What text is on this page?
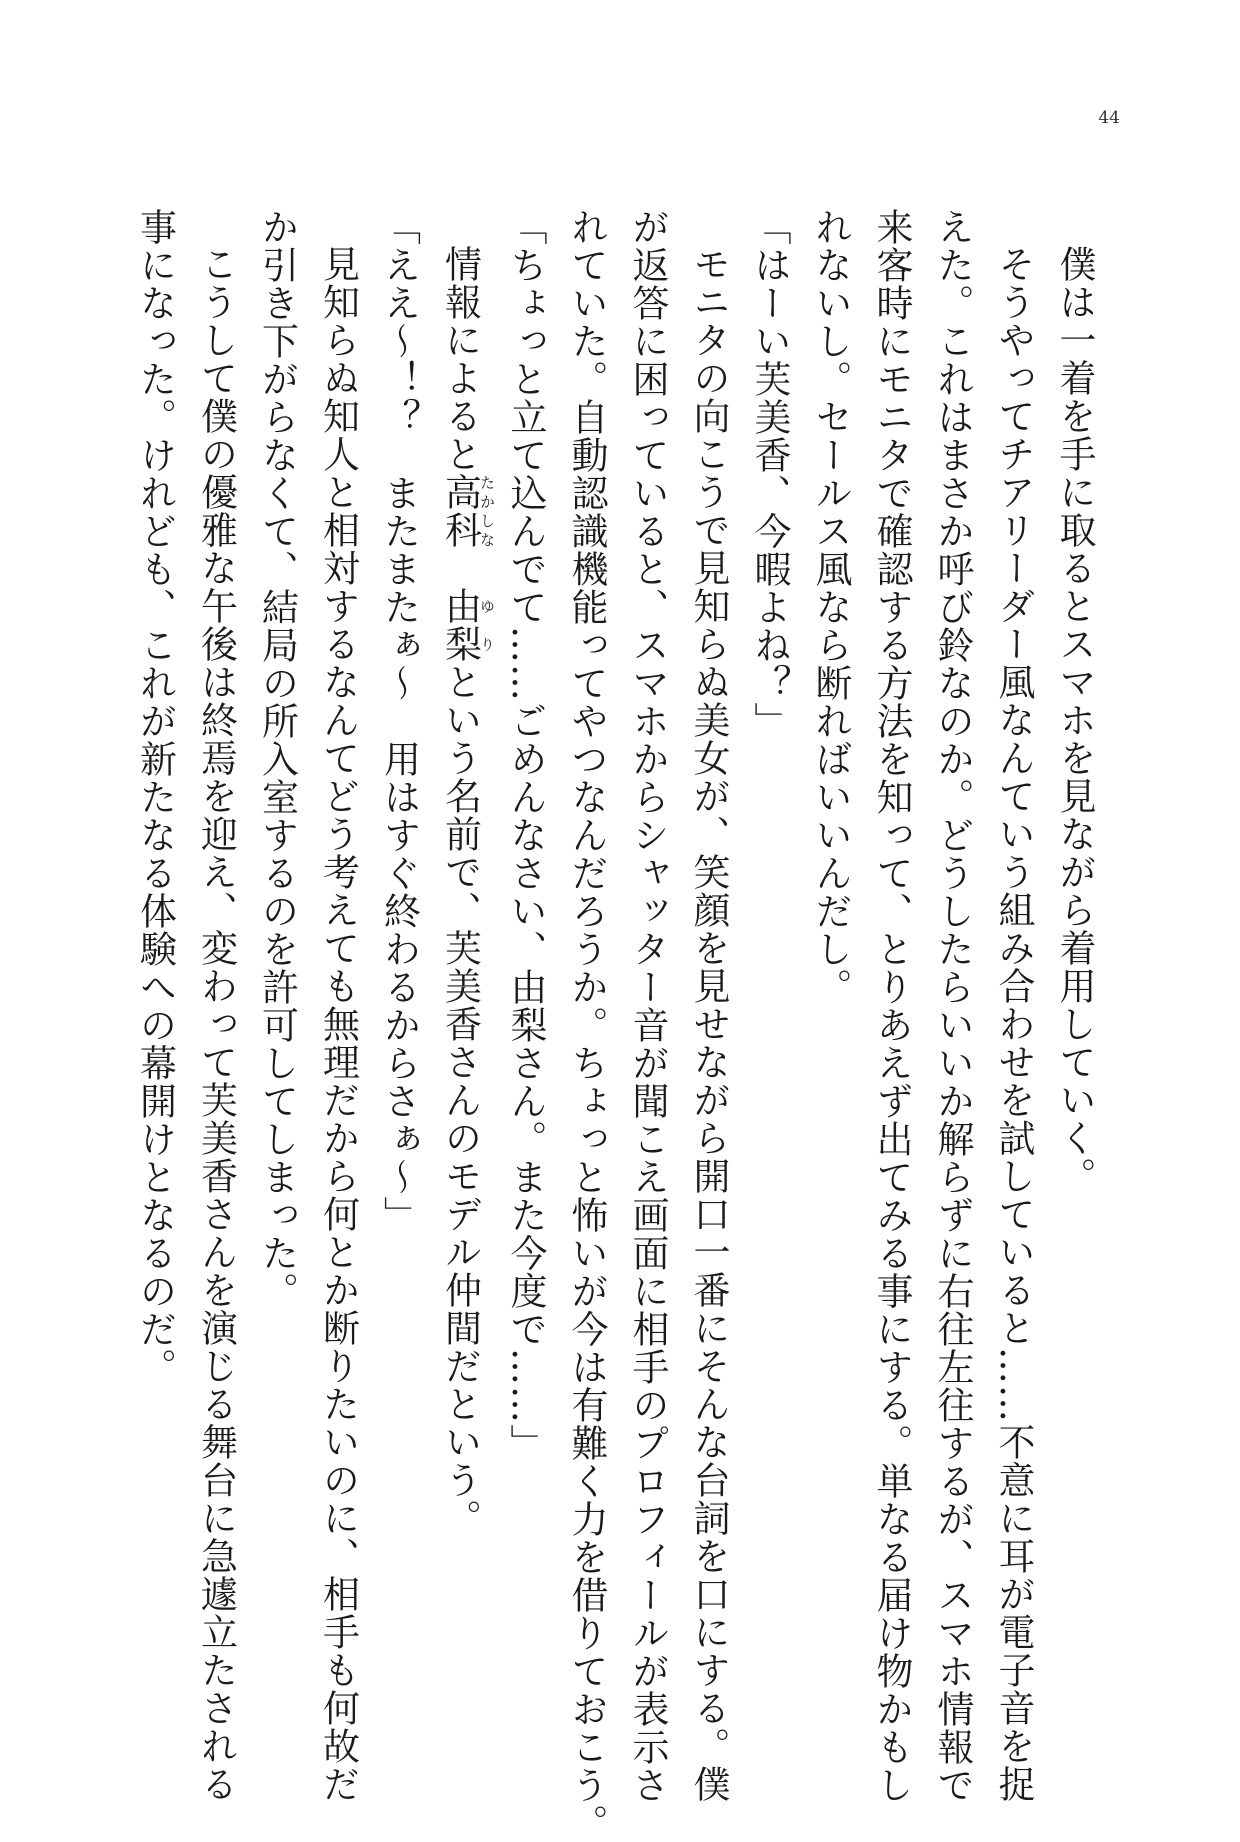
44
僕は一着を手に取るとスマホを見ながら着用していく。
そうやってチアリーダー風なんていう組み合わせを試していると……不意に耳が電子音を捉
えた。これはまさか呼び鈴なのか。どうしたらいいか解らずに右往左往するが、スマホ情報で
来客時にモニタで確認する方法を知って、とりあえず出てみる事にする。単なる届け物かもし
れないし。セールス風なら断ればいいんだし。
「はーい芙美香、今暇よね？」
モニタの向こうで見知らぬ美女が、笑顔を見せながら開口一番にそんな台詞を口にする。僕
が返答に困っていると、スマホからシャッター音が聞こえ画面に相手のプロフィールが表示さ
れていた。自動認識機能ってやつなんだろうか。ちょっと怖いが今は有難く力を借りておこう。
「ちょっと立て込んでて……ごめんなさい、由梨さん。また今度で……」
情報によると高科たかしな　由梨ゆりという名前で、芙美香さんのモデル仲間だという。
「ええ〜！？　またまたぁ〜　用はすぐ終わるからさぁ〜」
見知らぬ知人と相対するなんてどう考えても無理だから何とか断りたいのに、相手も何故だ
か引き下がらなくて、結局の所入室するのを許可してしまった。
こうして僕の優雅な午後は終焉を迎え、変わって芙美香さんを演じる舞台に急遽立たされる
事になった。けれども、これが新たなる体験への幕開けとなるのだ。
